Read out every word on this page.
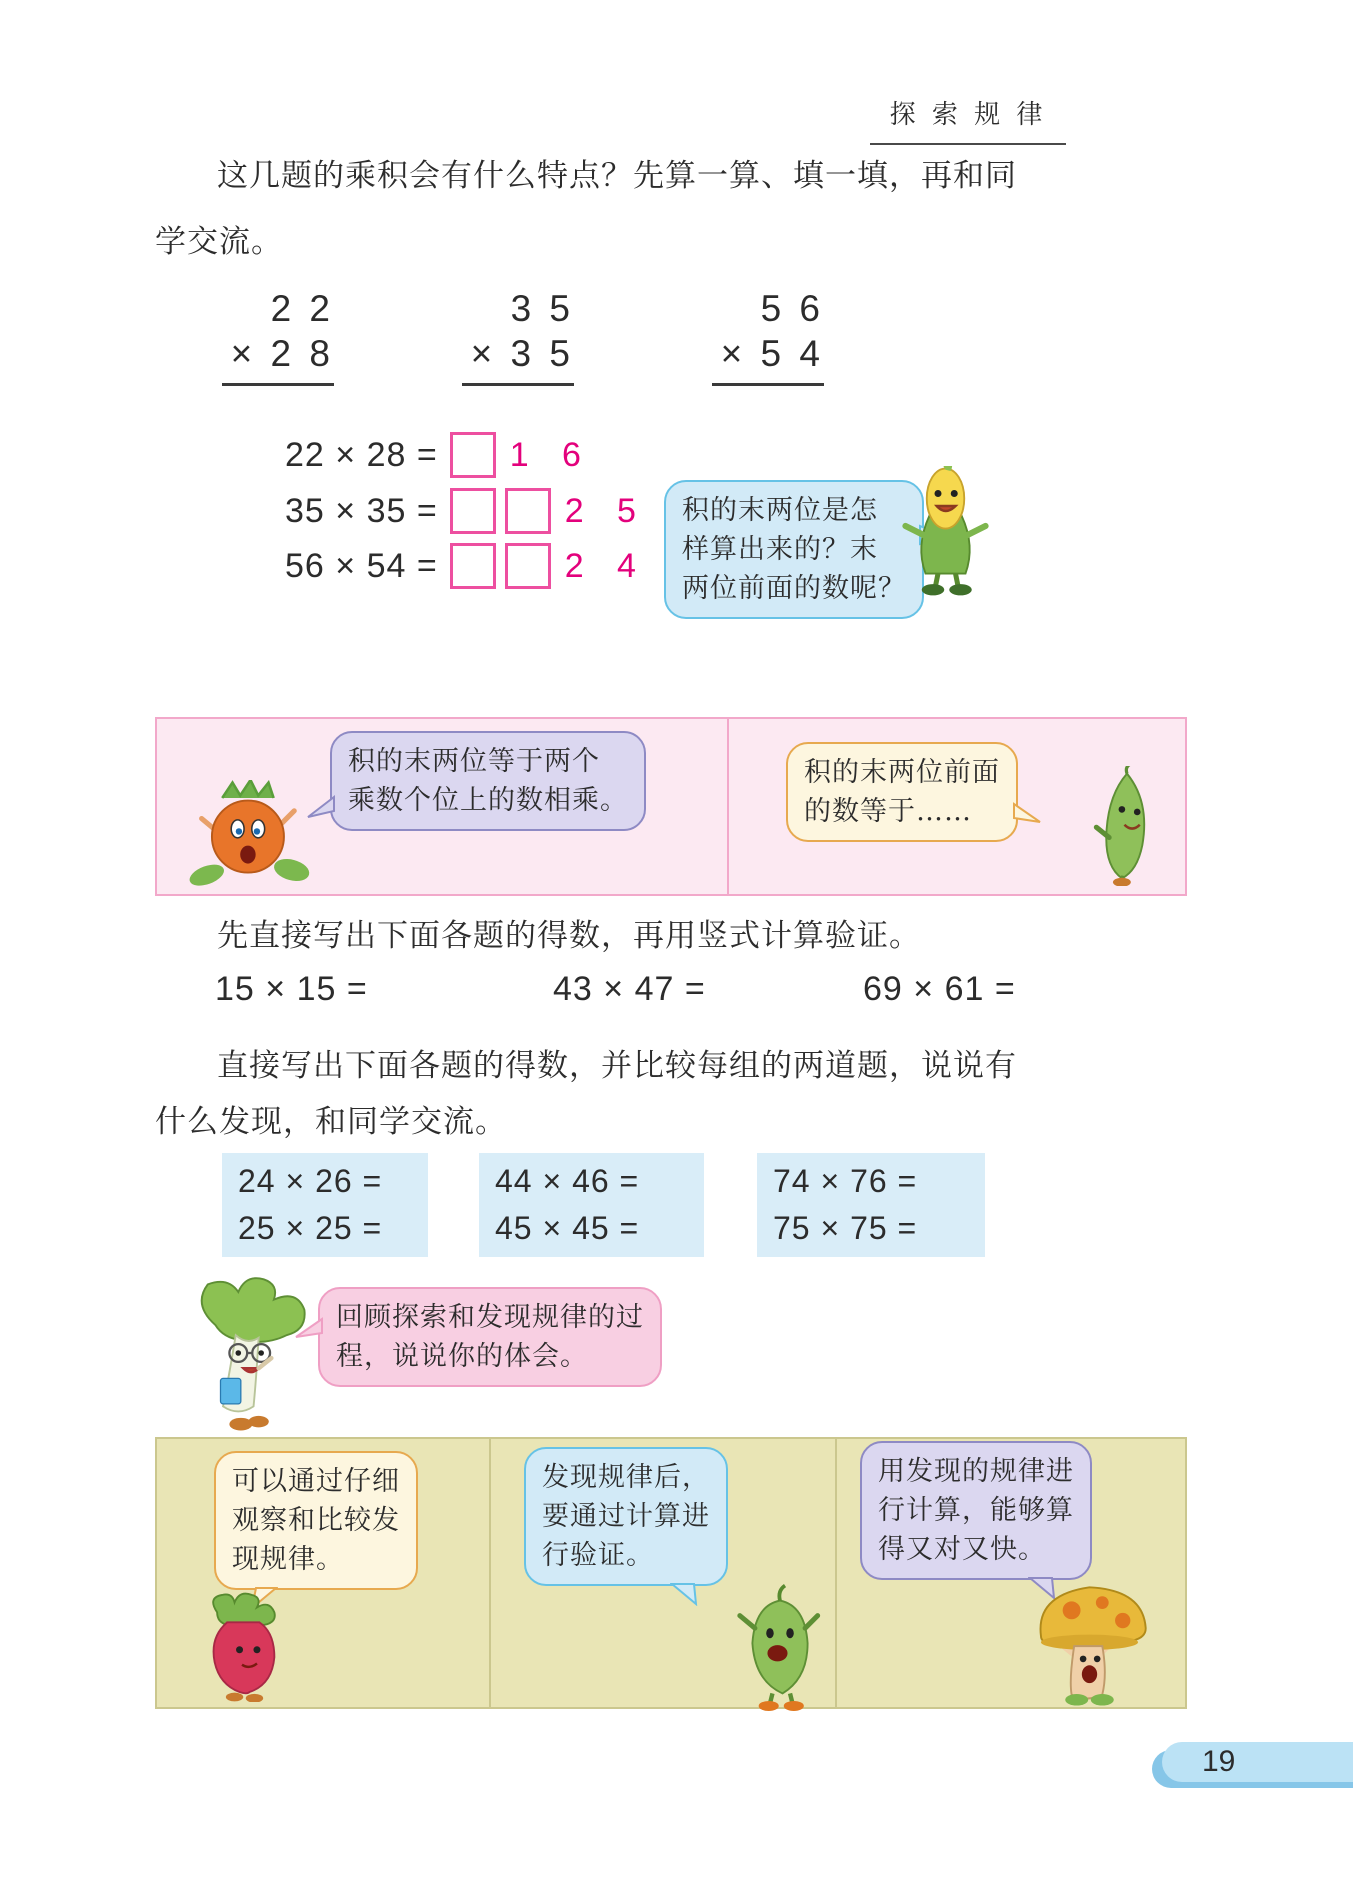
探 索 规 律
这几题的乘积会有什么特点？先算一算、填一填，再和同
学交流。
2 2
× 2 8
3 5
× 3 5
5 6
× 5 4
22 × 28 = 1 6
35 × 35 =	2 5
56 × 54 =	2 4
积的末两位是怎
样算出来的？末
两位前面的数呢？
积的末两位等于两个
乘数个位上的数相乘。
积的末两位前面
的数等于……
先直接写出下面各题的得数，再用竖式计算验证。
15 × 15 =	43 × 47 =	69 × 61 =
直接写出下面各题的得数，并比较每组的两道题，说说有
什么发现，和同学交流。
24 × 26 =
25 × 25 =
44 × 46 =
45 × 45 =
74 × 76 =
75 × 75 =
回顾探索和发现规律的过
程，说说你的体会。
可以通过仔细
观察和比较发
现规律。
发现规律后，
要通过计算进
行验证。
用发现的规律进
行计算，能够算
得又对又快。
19
